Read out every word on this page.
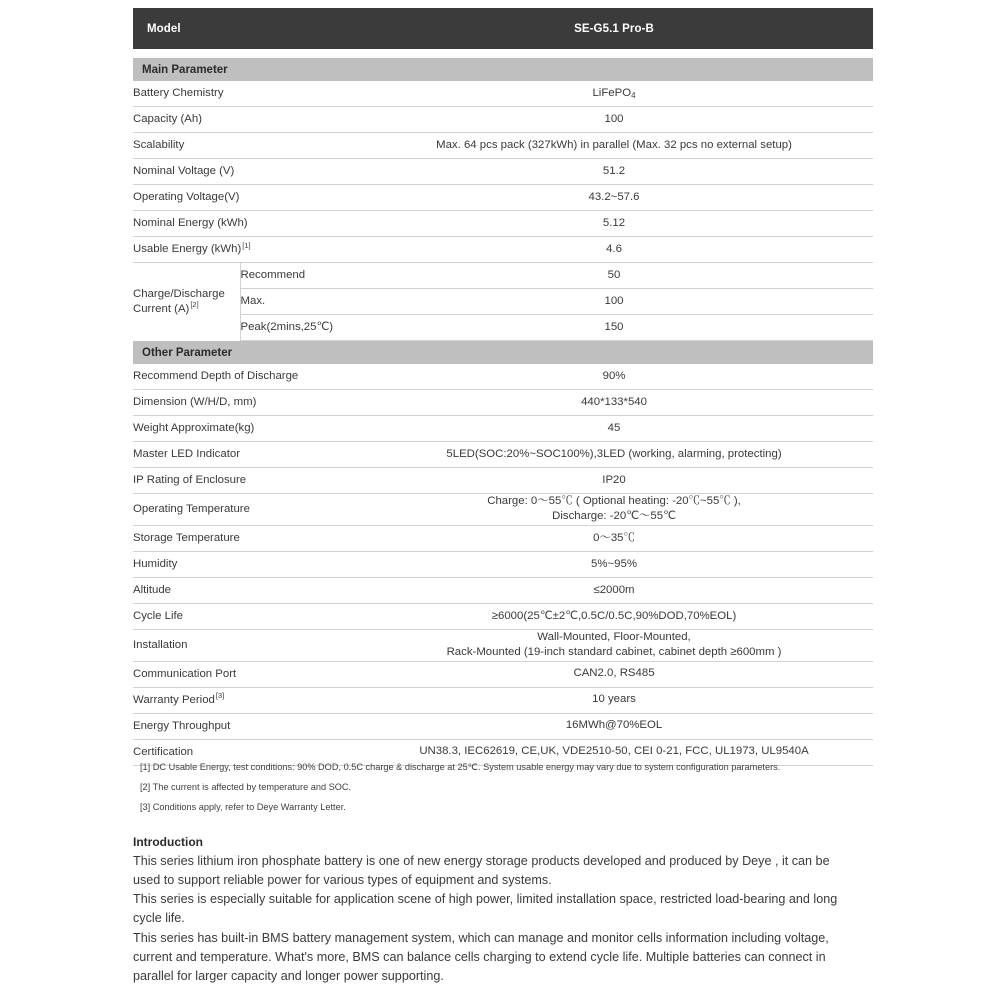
Model		SE-G5.1 Pro-B

Main Parameter		
Battery Chemistry		LiFePO$_4$
Capacity (Ah)		100
Scalability		Max. 64 pcs pack (327kWh) in parallel (Max. 32 pcs no external setup)
Nominal Voltage (V)		51.2
Operating Voltage(V)		43.2~57.6
Nominal Energy (kWh)		5.12
Usable Energy (kWh)[1]		4.6
Charge/Discharge
Current (A)[2]	Recommend	50
	Max.	100
	Peak(2mins,25℃)	150
Other Parameter		
Recommend Depth of Discharge		90%
Dimension (W/H/D, mm)		440*133*540
Weight Approximate(kg)		45
Master LED Indicator		5LED(SOC:20%~SOC100%),3LED (working, alarming, protecting)
IP Rating of Enclosure		IP20
Operating Temperature		Charge: 0～55℃ ( Optional heating: -20℃~55℃ ),
Discharge: -20℃～55℃
Storage Temperature		0～35℃
Humidity		5%~95%
Altitude		≤2000m
Cycle Life		≥6000(25℃±2℃,0.5C/0.5C,90%DOD,70%EOL)
Installation		Wall-Mounted, Floor-Mounted,
Rack-Mounted (19-inch standard cabinet, cabinet depth ≥600mm )
Communication Port		CAN2.0, RS485
Warranty Period[3]		10 years
Energy Throughput		16MWh@70%EOL
Certification		UN38.3, IEC62619, CE,UK, VDE2510-50, CEI 0-21, FCC, UL1973, UL9540A
[1] DC Usable Energy, test conditions: 90% DOD, 0.5C charge & discharge at 25℃. System usable energy may vary due to system configuration parameters.
[2] The current is affected by temperature and SOC.
[3] Conditions apply, refer to Deye Warranty Letter.
Introduction

This series lithium iron phosphate battery is one of new energy storage products developed and produced by Deye , it can be used to support reliable power for various types of equipment and systems.

This series is especially suitable for application scene of high power, limited installation space, restricted load-bearing and long cycle life.

This series has built-in BMS battery management system, which can manage and monitor cells information including voltage, current and temperature. What's more, BMS can balance cells charging to extend cycle life. Multiple batteries can connect in parallel for larger capacity and longer power supporting.
